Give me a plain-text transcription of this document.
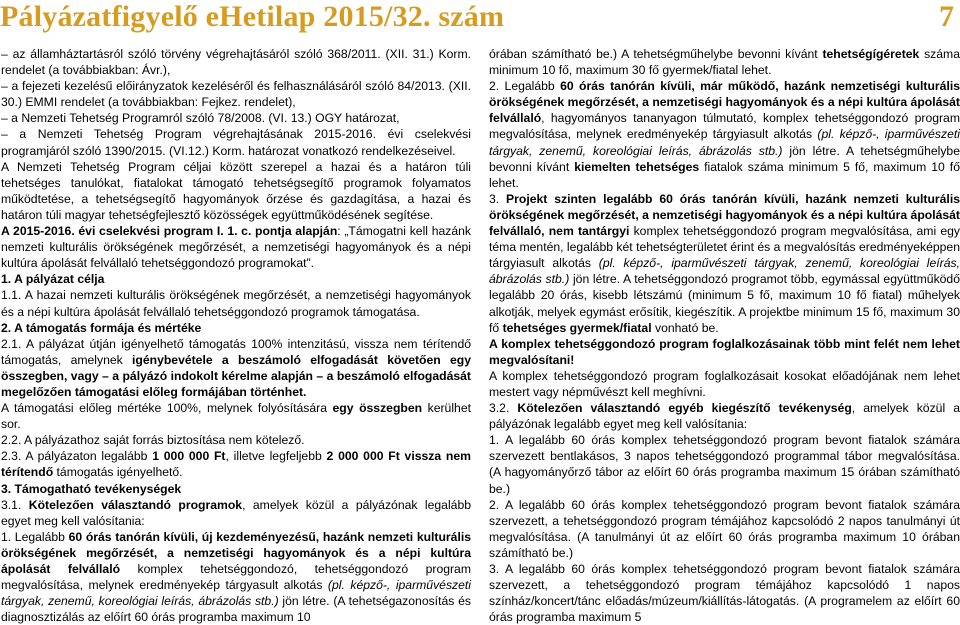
Pályázatfigyelő eHetilap 2015/32. szám	7

– az államháztartásról szóló törvény végrehajtásáról szóló 368/2011. (XII. 31.) Korm. rendelet (a továbbiakban: Ávr.),

– a fejezeti kezelésű előirányzatok kezeléséről és felhasználásáról szóló 84/2013. (XII. 30.) EMMI rendelet (a továbbiakban: Fejkez. rendelet),

– a Nemzeti Tehetség Programról szóló 78/2008. (VI. 13.) OGY határozat,

– a Nemzeti Tehetség Program végrehajtásának 2015-2016. évi cselekvési programjáról szóló 1390/2015. (VI.12.) Korm. határozat vonatkozó rendelkezéseivel.

A Nemzeti Tehetség Program céljai között szerepel a hazai és a határon túli tehetséges tanulókat, fiatalokat támogató tehetségsegítő programok folyamatos működtetése, a tehetségsegítő hagyományok őrzése és gazdagítása, a hazai és határon túli magyar tehetségfejlesztő közösségek együttműködésének segítése.

A 2015-2016. évi cselekvési program I. 1. c. pontja alapján: „Támogatni kell hazánk nemzeti kulturális örökségének megőrzését, a nemzetiségi hagyományok és a népi kultúra ápolását felvállaló tehetséggondozó programokat”.

1. A pályázat célja

1.1. A hazai nemzeti kulturális örökségének megőrzését, a nemzetiségi hagyományok és a népi kultúra ápolását felvállaló tehetséggondozó programok támogatása.

2. A támogatás formája és mértéke

2.1. A pályázat útján igényelhető támogatás 100% intenzitású, vissza nem térítendő támogatás, amelynek igénybevétele a beszámoló elfogadását követően egy összegben, vagy – a pályázó indokolt kérelme alapján – a beszámoló elfogadását megelőzően támogatási előleg formájában történhet.

A támogatási előleg mértéke 100%, melynek folyósítására egy összegben kerülhet sor.

2.2. A pályázathoz saját forrás biztosítása nem kötelező.

2.3. A pályázaton legalább 1 000 000 Ft, illetve legfeljebb 2 000 000 Ft vissza nem térítendő támogatás igényelhető.

3. Támogatható tevékenységek

3.1. Kötelezően választandó programok, amelyek közül a pályázónak legalább egyet meg kell valósítania:

1. Legalább 60 órás tanórán kívüli, új kezdeményezésű, hazánk nemzeti kulturális örökségének megőrzését, a nemzetiségi hagyományok és a népi kultúra ápolását felvállaló komplex tehetséggondozó, tehetséggondozó program megvalósítása, melynek eredményekép tárgyasult alkotás (pl. képző-, iparművészeti tárgyak, zenemű, koreológiai leírás, ábrázolás stb.) jön létre. (A tehetségazonosítás és diagnosztizálás az előírt 60 órás programba maximum 10

órában számítható be.) A tehetségműhelybe bevonni kívánt tehetségígéretek száma minimum 10 fő, maximum 30 fő gyermek/fiatal lehet.

2. Legalább 60 órás tanórán kívüli, már működő, hazánk nemzetiségi kulturális örökségének megőrzését, a nemzetiségi hagyományok és a népi kultúra ápolását felvállaló, hagyományos tananyagon túlmutató, komplex tehetséggondozó program megvalósítása, melynek eredményekép tárgyiasult alkotás (pl. képző-, iparművészeti tárgyak, zenemű, koreológiai leírás, ábrázolás stb.) jön létre. A tehetségműhelybe bevonni kívánt kiemelten tehetséges fiatalok száma minimum 5 fő, maximum 10 fő lehet.

3. Projekt szinten legalább 60 órás tanórán kívüli, hazánk nemzeti kulturális örökségének megőrzését, a nemzetiségi hagyományok és a népi kultúra ápolását felvállaló, nem tantárgyi komplex tehetséggondozó program megvalósítása, ami egy téma mentén, legalább két tehetségterületet érint és a megvalósítás eredményeképpen tárgyiasult alkotás (pl. képző-, iparművészeti tárgyak, zenemű, koreológiai leírás, ábrázolás stb.) jön létre. A tehetséggondozó programot több, egymással együttműködő legalább 20 órás, kisebb létszámú (minimum 5 fő, maximum 10 fő fiatal) műhelyek alkotják, melyek egymást erősítik, kiegészítik. A projektbe minimum 15 fő, maximum 30 fő tehetséges gyermek/fiatal vonható be.

A komplex tehetséggondozó program foglalkozásainak több mint felét nem lehet megvalósítani!

A komplex tehetséggondozó program foglalkozásait kosokat előadójának nem lehet mestert vagy népművészt kell meghívni.

3.2. Kötelezően választandó egyéb kiegészítő tevékenység, amelyek közül a pályázónak legalább egyet meg kell valósítania:

1. A legalább 60 órás komplex tehetséggondozó program bevont fiatalok számára szervezett bentlakásos, 3 napos tehetséggondozó programmal tábor megvalósítása. (A hagyományőrző tábor az előírt 60 órás programba maximum 15 órában számítható be.)

2. A legalább 60 órás komplex tehetséggondozó program bevont fiatalok számára szervezett, a tehetséggondozó program témájához kapcsolódó 2 napos tanulmányi út megvalósítása. (A tanulmányi út az előírt 60 órás programba maximum 10 órában számítható be.)

3. A legalább 60 órás komplex tehetséggondozó program bevont fiatalok számára szervezett, a tehetséggondozó program témájához kapcsolódó 1 napos színház/koncert/tánc előadás/múzeum/kiállítás-látogatás. (A programelem az előírt 60 órás programba maximum 5
